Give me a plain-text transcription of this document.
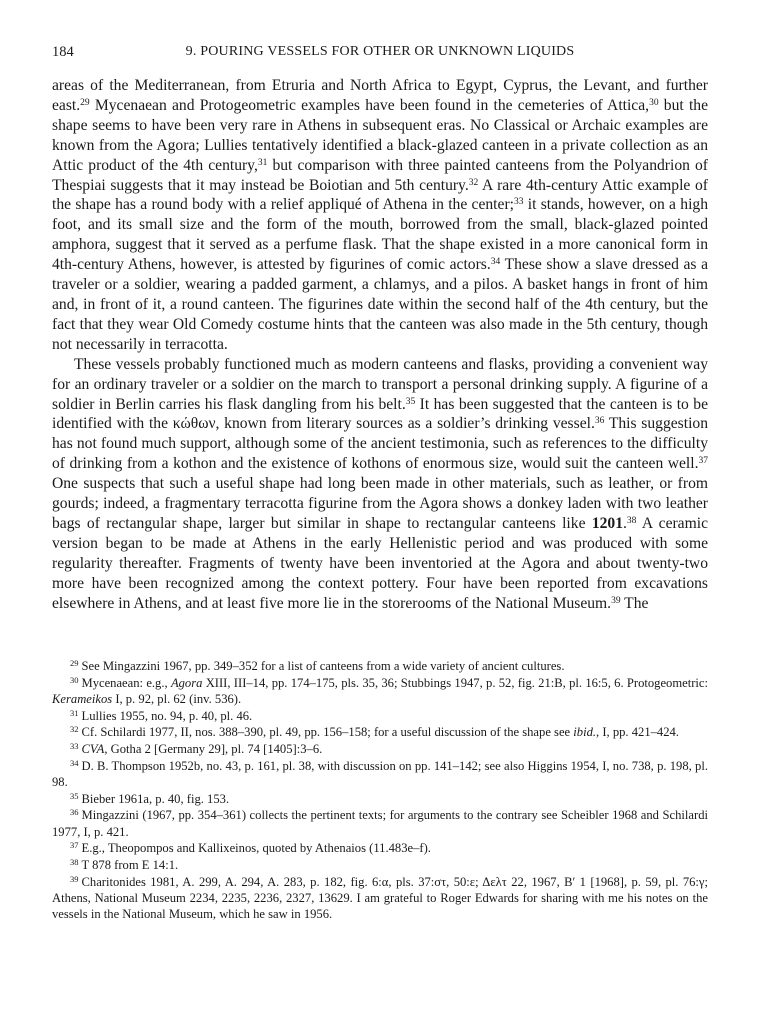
184	9. POURING VESSELS FOR OTHER OR UNKNOWN LIQUIDS

areas of the Mediterranean, from Etruria and North Africa to Egypt, Cyprus, the Levant, and further east.$^{29}$ Mycenaean and Protogeometric examples have been found in the cemeteries of Attica,$^{30}$ but the shape seems to have been very rare in Athens in subsequent eras. No Classical or Archaic examples are known from the Agora; Lullies tentatively identified a black-glazed canteen in a private collection as an Attic product of the 4th century,$^{31}$ but comparison with three painted canteens from the Polyandrion of Thespiai suggests that it may instead be Boiotian and 5th century.$^{32}$ A rare 4th-century Attic example of the shape has a round body with a relief appliqué of Athena in the center;$^{33}$ it stands, however, on a high foot, and its small size and the form of the mouth, borrowed from the small, black-glazed pointed amphora, suggest that it served as a perfume flask. That the shape existed in a more canonical form in 4th-century Athens, however, is attested by figurines of comic actors.$^{34}$ These show a slave dressed as a traveler or a soldier, wearing a padded garment, a chlamys, and a pilos. A basket hangs in front of him and, in front of it, a round canteen. The figurines date within the second half of the 4th century, but the fact that they wear Old Comedy costume hints that the canteen was also made in the 5th century, though not necessarily in terracotta.

These vessels probably functioned much as modern canteens and flasks, providing a convenient way for an ordinary traveler or a soldier on the march to transport a personal drinking supply. A figurine of a soldier in Berlin carries his flask dangling from his belt.$^{35}$ It has been suggested that the canteen is to be identified with the κώθων, known from literary sources as a soldier’s drinking vessel.$^{36}$ This suggestion has not found much support, although some of the ancient testimonia, such as references to the difficulty of drinking from a kothon and the existence of kothons of enormous size, would suit the canteen well.$^{37}$ One suspects that such a useful shape had long been made in other materials, such as leather, or from gourds; indeed, a fragmentary terracotta figurine from the Agora shows a donkey laden with two leather bags of rectangular shape, larger but similar in shape to rectangular canteens like 1201.38 A ceramic version began to be made at Athens in the early Hellenistic period and was produced with some regularity thereafter. Fragments of twenty have been inventoried at the Agora and about twenty-two more have been recognized among the context pottery. Four have been reported from excavations elsewhere in Athens, and at least five more lie in the storerooms of the National Museum.$^{39}$ The

$^{29}$ See Mingazzini 1967, pp. 349–352 for a list of canteens from a wide variety of ancient cultures.

$^{30}$ Mycenaean: e.g., Agora XIII, III–14, pp. 174–175, pls. 35, 36; Stubbings 1947, p. 52, fig. 21:B, pl. 16:5, 6. Protogeometric: Kerameikos I, p. 92, pl. 62 (inv. 536).

$^{31}$ Lullies 1955, no. 94, p. 40, pl. 46.

$^{32}$ Cf. Schilardi 1977, II, nos. 388–390, pl. 49, pp. 156–158; for a useful discussion of the shape see ibid., I, pp. 421–424.

$^{33}$ CVA, Gotha 2 [Germany 29], pl. 74 [1405]:3–6.

$^{34}$ D. B. Thompson 1952b, no. 43, p. 161, pl. 38, with discussion on pp. 141–142; see also Higgins 1954, I, no. 738, p. 198, pl. 98.

$^{35}$ Bieber 1961a, p. 40, fig. 153.

$^{36}$ Mingazzini (1967, pp. 354–361) collects the pertinent texts; for arguments to the contrary see Scheibler 1968 and Schilardi 1977, I, p. 421.

$^{37}$ E.g., Theopompos and Kallixeinos, quoted by Athenaios (11.483e–f).

$^{38}$ T 878 from E 14:1.

$^{39}$ Charitonides 1981, A. 299, A. 294, A. 283, p. 182, fig. 6:α, pls. 37:στ, 50:ε; Δελτ 22, 1967, Β′ 1 [1968], p. 59, pl. 76:γ; Athens, National Museum 2234, 2235, 2236, 2327, 13629. I am grateful to Roger Edwards for sharing with me his notes on the vessels in the National Museum, which he saw in 1956.
